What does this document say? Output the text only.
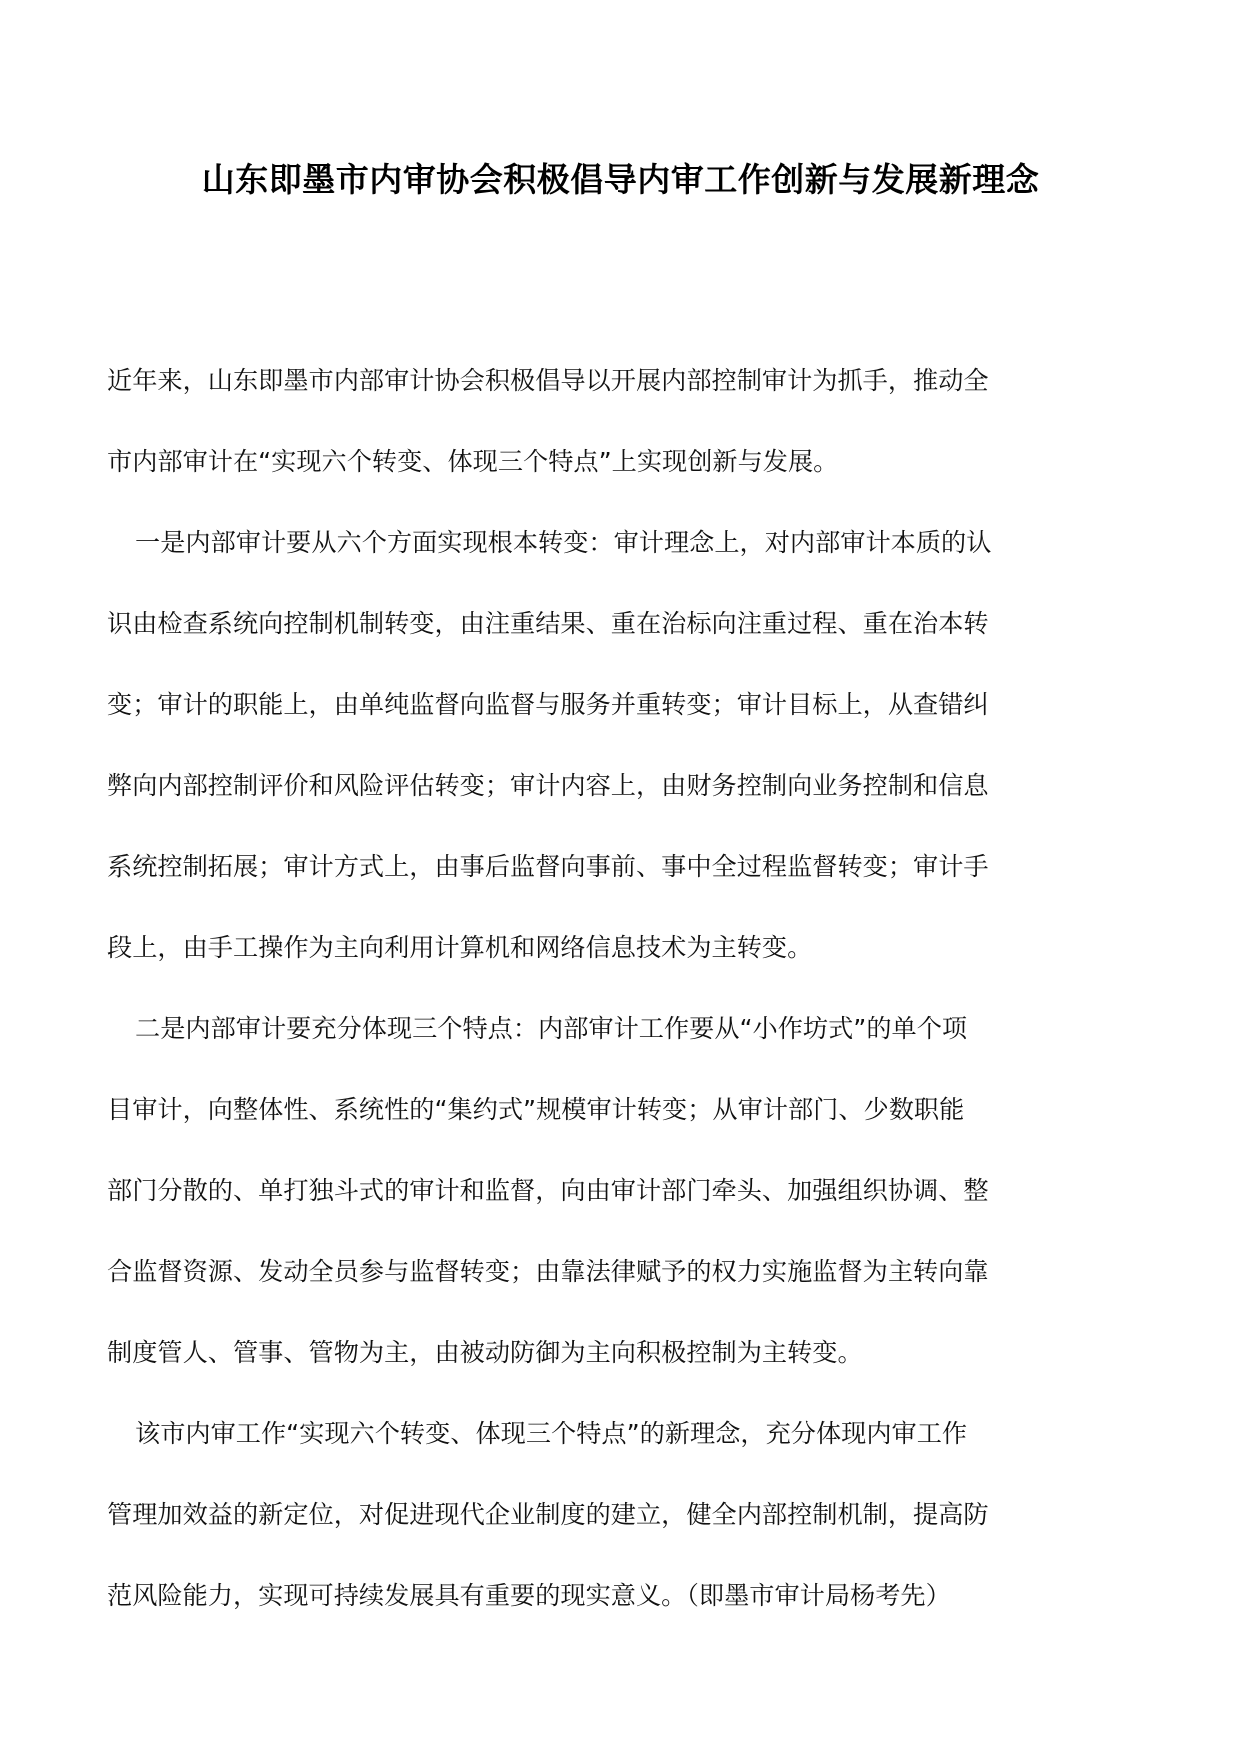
山东即墨市内审协会积极倡导内审工作创新与发展新理念

近年来，山东即墨市内部审计协会积极倡导以开展内部控制审计为抓手，推动全
市内部审计在“实现六个转变、体现三个特点”上实现创新与发展。

一是内部审计要从六个方面实现根本转变：审计理念上，对内部审计本质的认
识由检查系统向控制机制转变，由注重结果、重在治标向注重过程、重在治本转
变；审计的职能上，由单纯监督向监督与服务并重转变；审计目标上，从查错纠
弊向内部控制评价和风险评估转变；审计内容上，由财务控制向业务控制和信息
系统控制拓展；审计方式上，由事后监督向事前、事中全过程监督转变；审计手
段上，由手工操作为主向利用计算机和网络信息技术为主转变。

二是内部审计要充分体现三个特点：内部审计工作要从“小作坊式”的单个项
目审计，向整体性、系统性的“集约式”规模审计转变；从审计部门、少数职能
部门分散的、单打独斗式的审计和监督，向由审计部门牵头、加强组织协调、整
合监督资源、发动全员参与监督转变；由靠法律赋予的权力实施监督为主转向靠
制度管人、管事、管物为主，由被动防御为主向积极控制为主转变。

该市内审工作“实现六个转变、体现三个特点”的新理念，充分体现内审工作
管理加效益的新定位，对促进现代企业制度的建立，健全内部控制机制，提高防
范风险能力，实现可持续发展具有重要的现实意义。（即墨市审计局杨考先）
